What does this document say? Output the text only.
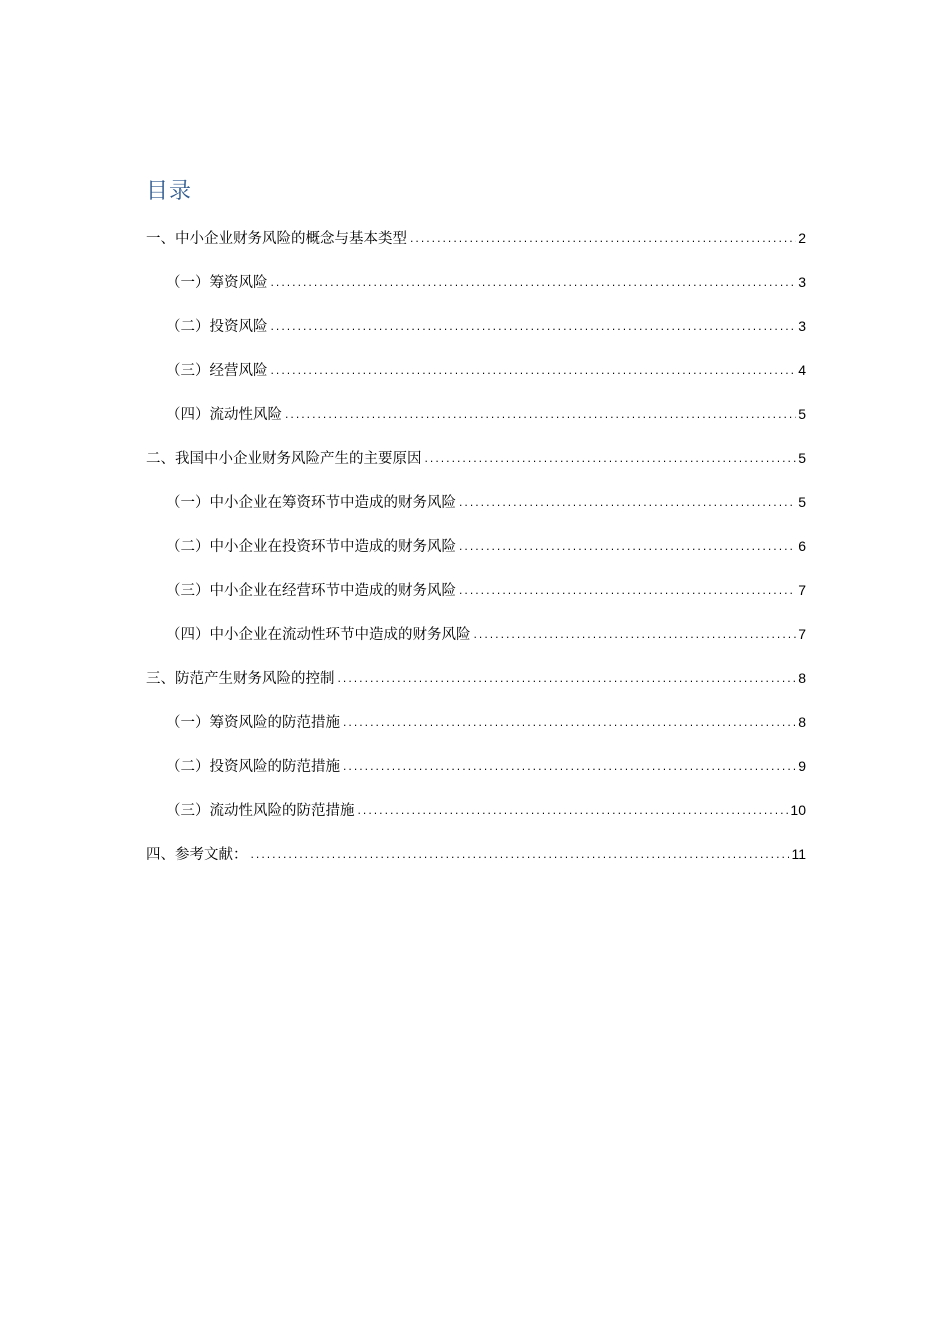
目录
一、中小企业财务风险的概念与基本类型 .....	2
（一）筹资风险 .....	3
（二）投资风险 .....	3
（三）经营风险 .....	4
（四）流动性风险 .....	5
二、我国中小企业财务风险产生的主要原因 .....	5
（一）中小企业在筹资环节中造成的财务风险 .....	5
（二）中小企业在投资环节中造成的财务风险 .....	6
（三）中小企业在经营环节中造成的财务风险 .....	7
（四）中小企业在流动性环节中造成的财务风险 .....	7
三、防范产生财务风险的控制 .....	8
（一）筹资风险的防范措施 .....	8
（二）投资风险的防范措施 .....	9
（三）流动性风险的防范措施 .....	10
四、参考文献： .....	11
